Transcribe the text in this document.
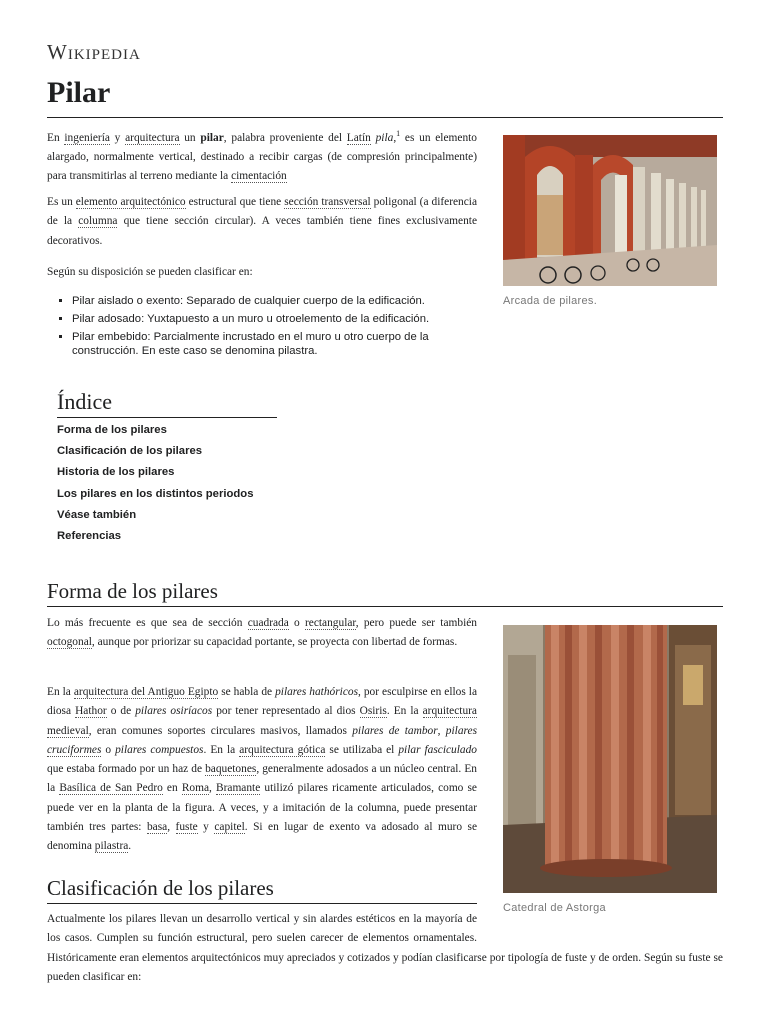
Wikipedia
Pilar
Arcada de pilares.

En ingeniería y arquitectura un pilar, palabra proveniente del Latín pila,$^1$ es un elemento alargado, normalmente vertical, destinado a recibir cargas (de compresión principalmente) para transmitirlas al terreno mediante la cimentación

Es un elemento arquitectónico estructural que tiene sección transversal poligonal (a diferencia de la columna que tiene sección circular). A veces también tiene fines exclusivamente decorativos.

Según su disposición se pueden clasificar en:

▪ Pilar aislado o exento: Separado de cualquier cuerpo de la edificación.
▪ Pilar adosado: Yuxtapuesto a un muro u otroelemento de la edificación.
▪ Pilar embebido: Parcialmente incrustado en el muro u otro cuerpo de la construcción. En este caso se denomina pilastra.
Índice
Forma de los pilares
Clasificación de los pilares
Historia de los pilares
Los pilares en los distintos periodos
Véase también
Referencias
Forma de los pilares
Catedral de Astorga

Lo más frecuente es que sea de sección cuadrada o rectangular, pero puede ser también octogonal, aunque por priorizar su capacidad portante, se proyecta con libertad de formas.

En la arquitectura del Antiguo Egipto se habla de pilares hathóricos, por esculpirse en ellos la diosa Hathor o de pilares osiríacos por tener representado al dios Osiris. En la arquitectura medieval, eran comunes soportes circulares masivos, llamados pilares de tambor, pilares cruciformes o pilares compuestos. En la arquitectura gótica se utilizaba el pilar fasciculado que estaba formado por un haz de baquetones, generalmente adosados a un núcleo central. En la Basílica de San Pedro en Roma, Bramante utilizó pilares ricamente articulados, como se puede ver en la planta de la figura. A veces, y a imitación de la columna, puede presentar también tres partes: basa, fuste y capitel. Si en lugar de exento va adosado al muro se denomina pilastra.

Clasificación de los pilares

Actualmente los pilares llevan un desarrollo vertical y sin alardes estéticos en la mayoría de los casos. Cumplen su función estructural, pero suelen carecer de elementos ornamentales. Históricamente eran elementos arquitectónicos muy apreciados y cotizados y podían clasificarse por tipología de fuste y de orden. Según su fuste se pueden clasificar en:
